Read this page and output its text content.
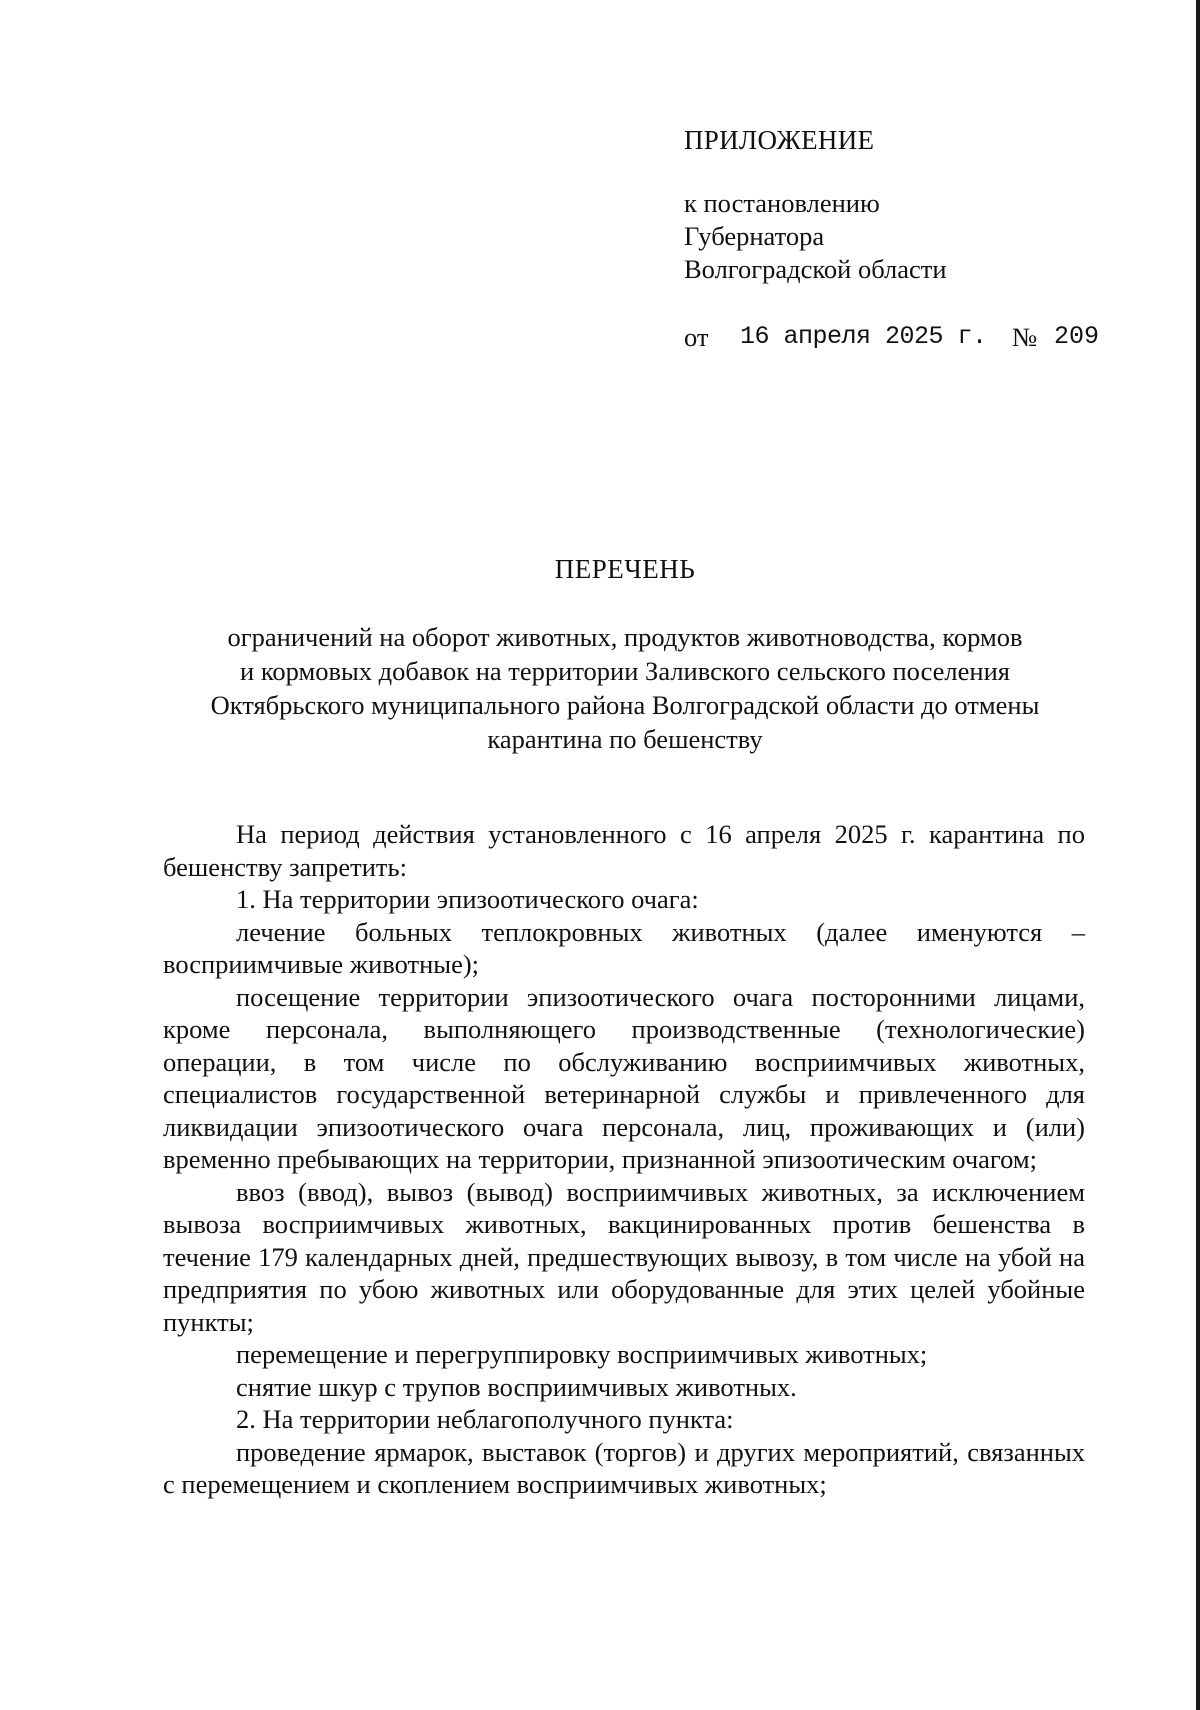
ПРИЛОЖЕНИЕ
к постановлению
Губернатора
Волгоградской области
от 16 апреля 2025 г. № 209
ПЕРЕЧЕНЬ
ограничений на оборот животных, продуктов животноводства, кормов
и кормовых добавок на территории Заливского сельского поселения
Октябрьского муниципального района Волгоградской области до отмены
карантина по бешенству

На период действия установленного с 16 апреля 2025 г. карантина по бешенству запретить:

1. На территории эпизоотического очага:

лечение больных теплокровных животных (далее именуются – восприимчивые животные);

посещение территории эпизоотического очага посторонними лицами, кроме персонала, выполняющего производственные (технологические) операции, в том числе по обслуживанию восприимчивых животных, специалистов государственной ветеринарной службы и привлеченного для ликвидации эпизоотического очага персонала, лиц, проживающих и (или) временно пребывающих на территории, признанной эпизоотическим очагом;

ввоз (ввод), вывоз (вывод) восприимчивых животных, за исключением вывоза восприимчивых животных, вакцинированных против бешенства в течение 179 календарных дней, предшествующих вывозу, в том числе на убой на предприятия по убою животных или оборудованные для этих целей убойные пункты;

перемещение и перегруппировку восприимчивых животных;

снятие шкур с трупов восприимчивых животных.

2. На территории неблагополучного пункта:

проведение ярмарок, выставок (торгов) и других мероприятий, связанных с перемещением и скоплением восприимчивых животных;
